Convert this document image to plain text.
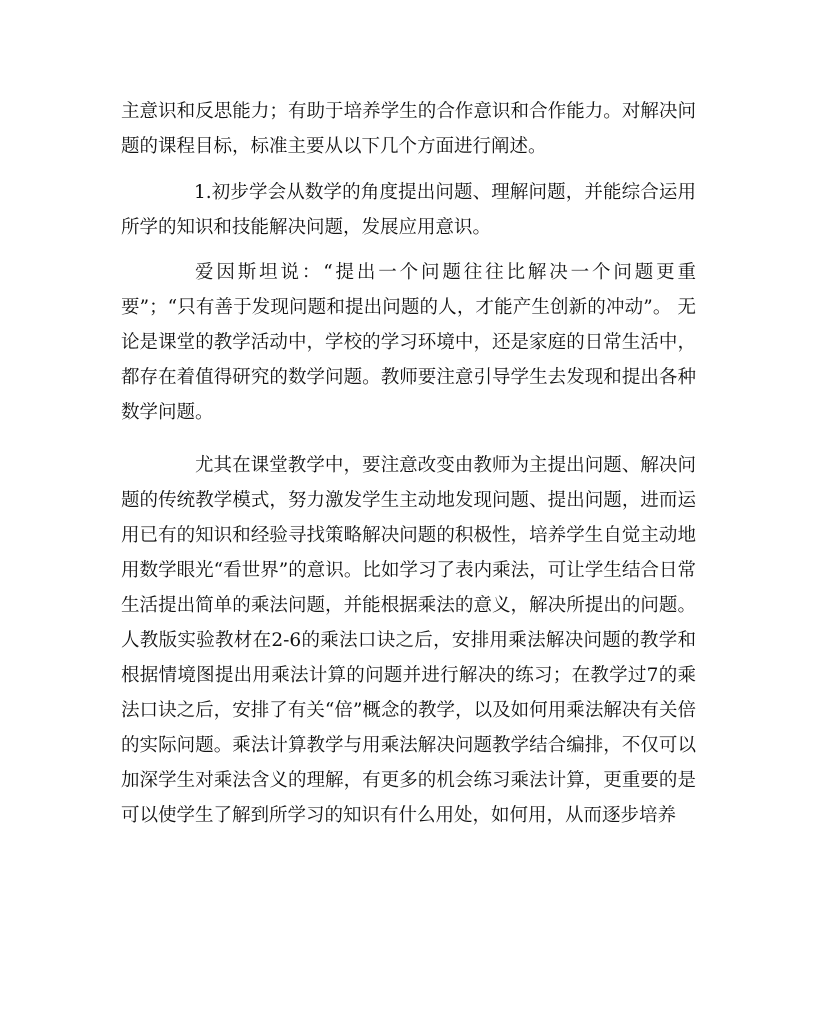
主意识和反思能力；有助于培养学生的合作意识和合作能力。对解决问题的课程目标，标准主要从以下几个方面进行阐述。

1.初步学会从数学的角度提出问题、理解问题，并能综合运用所学的知识和技能解决问题，发展应用意识。

爱因斯坦说：“提出一个问题往往比解决一个问题更重要”；“只有善于发现问题和提出问题的人，才能产生创新的冲动”。 无论是课堂的教学活动中，学校的学习环境中，还是家庭的日常生活中，都存在着值得研究的数学问题。教师要注意引导学生去发现和提出各种数学问题。

尤其在课堂教学中，要注意改变由教师为主提出问题、解决问题的传统教学模式，努力激发学生主动地发现问题、提出问题，进而运用已有的知识和经验寻找策略解决问题的积极性，培养学生自觉主动地用数学眼光“看世界”的意识。比如学习了表内乘法，可让学生结合日常生活提出简单的乘法问题，并能根据乘法的意义，解决所提出的问题。人教版实验教材在2-6的乘法口诀之后，安排用乘法解决问题的教学和根据情境图提出用乘法计算的问题并进行解决的练习；在教学过7的乘法口诀之后，安排了有关“倍”概念的教学，以及如何用乘法解决有关倍的实际问题。乘法计算教学与用乘法解决问题教学结合编排，不仅可以加深学生对乘法含义的理解，有更多的机会练习乘法计算，更重要的是可以使学生了解到所学习的知识有什么用处，如何用，从而逐步培养
